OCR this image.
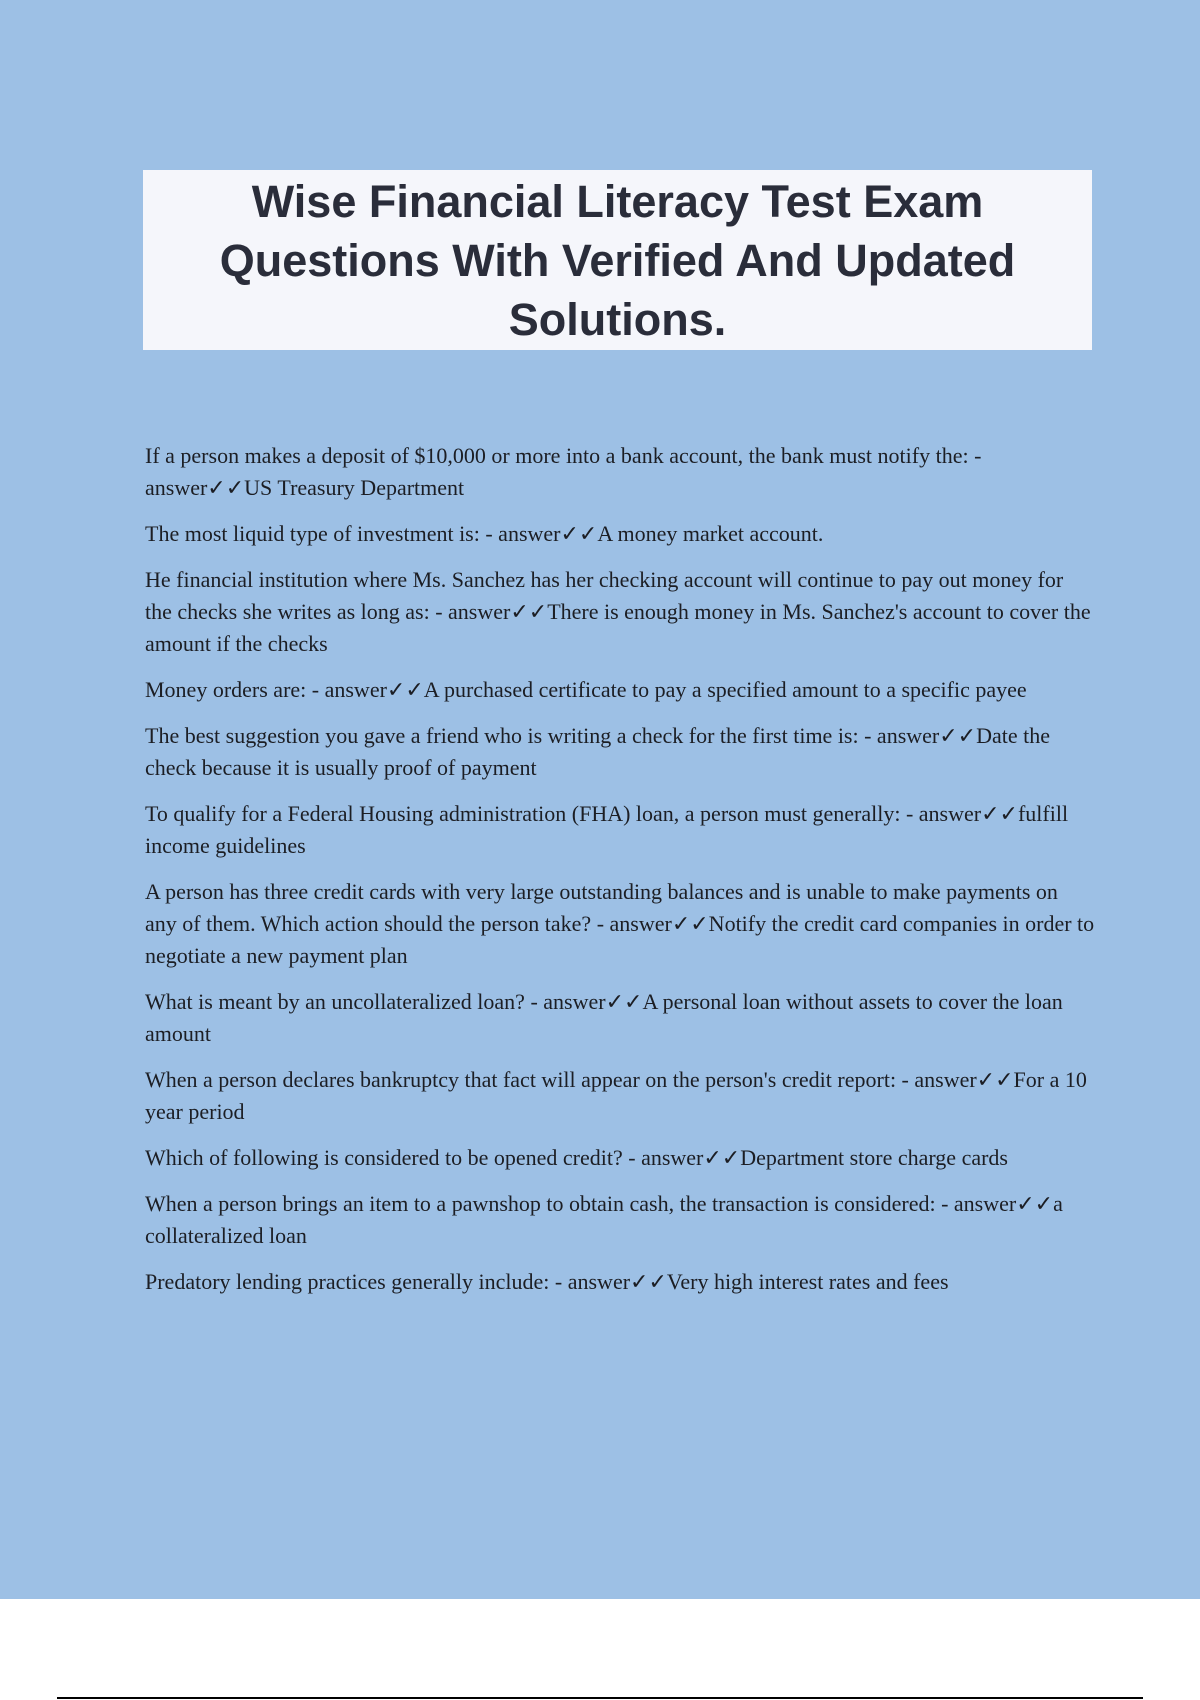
Wise Financial Literacy Test Exam Questions With Verified And Updated Solutions.
If a person makes a deposit of $10,000 or more into a bank account, the bank must notify the: - answer✓✓US Treasury Department
The most liquid type of investment is: - answer✓✓A money market account.
He financial institution where Ms. Sanchez has her checking account will continue to pay out money for the checks she writes as long as: - answer✓✓There is enough money in Ms. Sanchez's account to cover the amount if the checks
Money orders are: - answer✓✓A purchased certificate to pay a specified amount to a specific payee
The best suggestion you gave a friend who is writing a check for the first time is: - answer✓✓Date the check because it is usually proof of payment
To qualify for a Federal Housing administration (FHA) loan, a person must generally: - answer✓✓fulfill income guidelines
A person has three credit cards with very large outstanding balances and is unable to make payments on any of them. Which action should the person take? - answer✓✓Notify the credit card companies in order to negotiate a new payment plan
What is meant by an uncollateralized loan? - answer✓✓A personal loan without assets to cover the loan amount
When a person declares bankruptcy that fact will appear on the person's credit report: - answer✓✓For a 10 year period
Which of following is considered to be opened credit? - answer✓✓Department store charge cards
When a person brings an item to a pawnshop to obtain cash, the transaction is considered: - answer✓✓a collateralized loan
Predatory lending practices generally include: - answer✓✓Very high interest rates and fees
